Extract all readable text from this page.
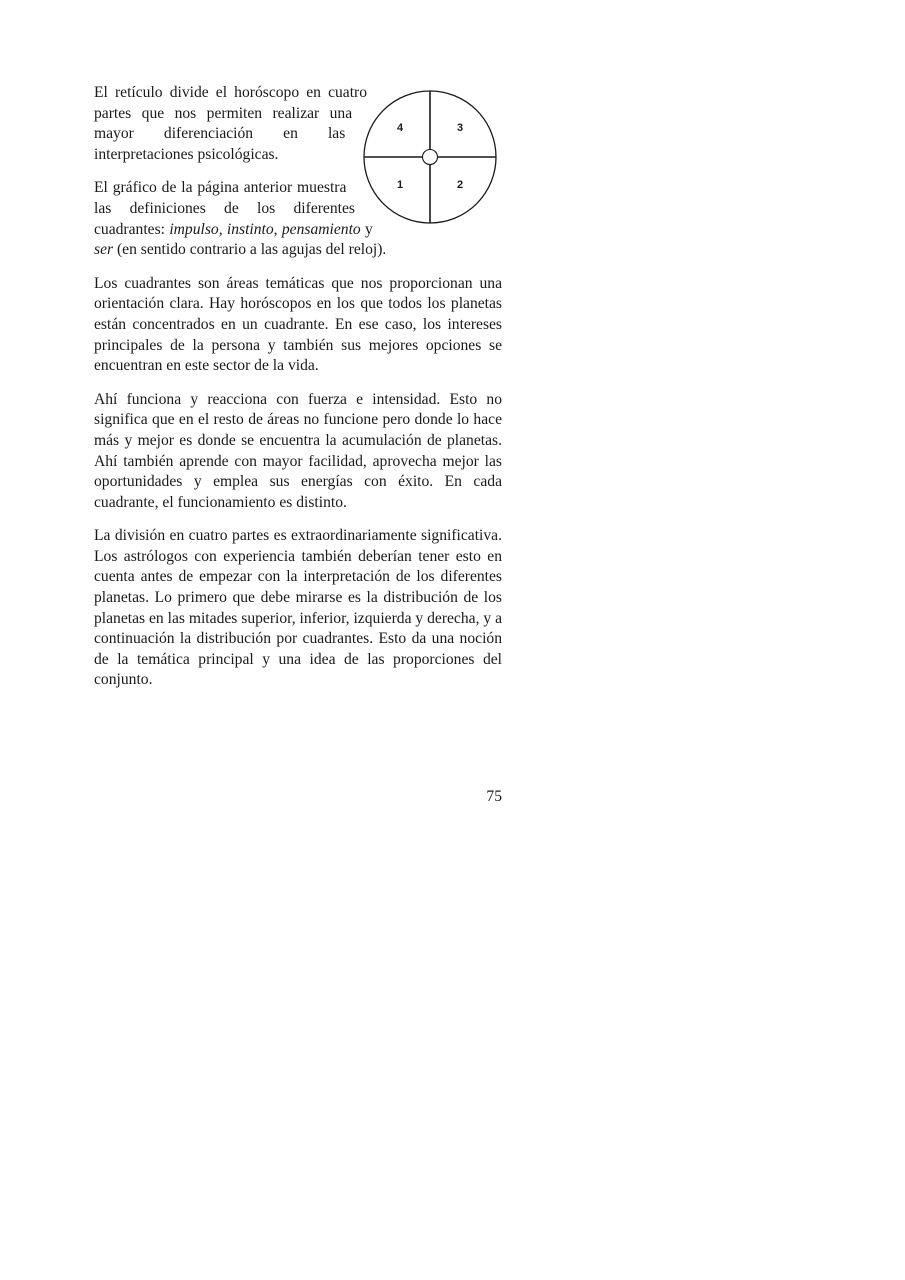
1	2
3
4

El retículo divide el horóscopo en cuatro partes que nos permiten realizar una mayor diferenciación en las interpretaciones psicológicas.

El gráfico de la página anterior muestra las definiciones de los diferentes cuadrantes: impulso, instinto, pensamiento y ser (en sentido contrario a las agujas del reloj).

Los cuadrantes son áreas temáticas que nos proporcionan una orientación clara. Hay horóscopos en los que todos los planetas están concentrados en un cuadrante. En ese caso, los intereses principales de la persona y también sus mejores opciones se encuentran en este sector de la vida.

Ahí funciona y reacciona con fuerza e intensidad. Esto no significa que en el resto de áreas no funcione pero donde lo hace más y mejor es donde se encuentra la acumulación de planetas. Ahí también aprende con mayor facilidad, aprovecha mejor las oportunidades y emplea sus energías con éxito. En cada cuadrante, el funcionamiento es distinto.

La división en cuatro partes es extraordinariamente significativa. Los astrólogos con experiencia también deberían tener esto en cuenta antes de empezar con la interpretación de los diferentes planetas. Lo primero que debe mirarse es la distribución de los planetas en las mitades superior, inferior, izquierda y derecha, y a continuación la distribución por cuadrantes. Esto da una noción de la temática principal y una idea de las proporciones del conjunto.

75
